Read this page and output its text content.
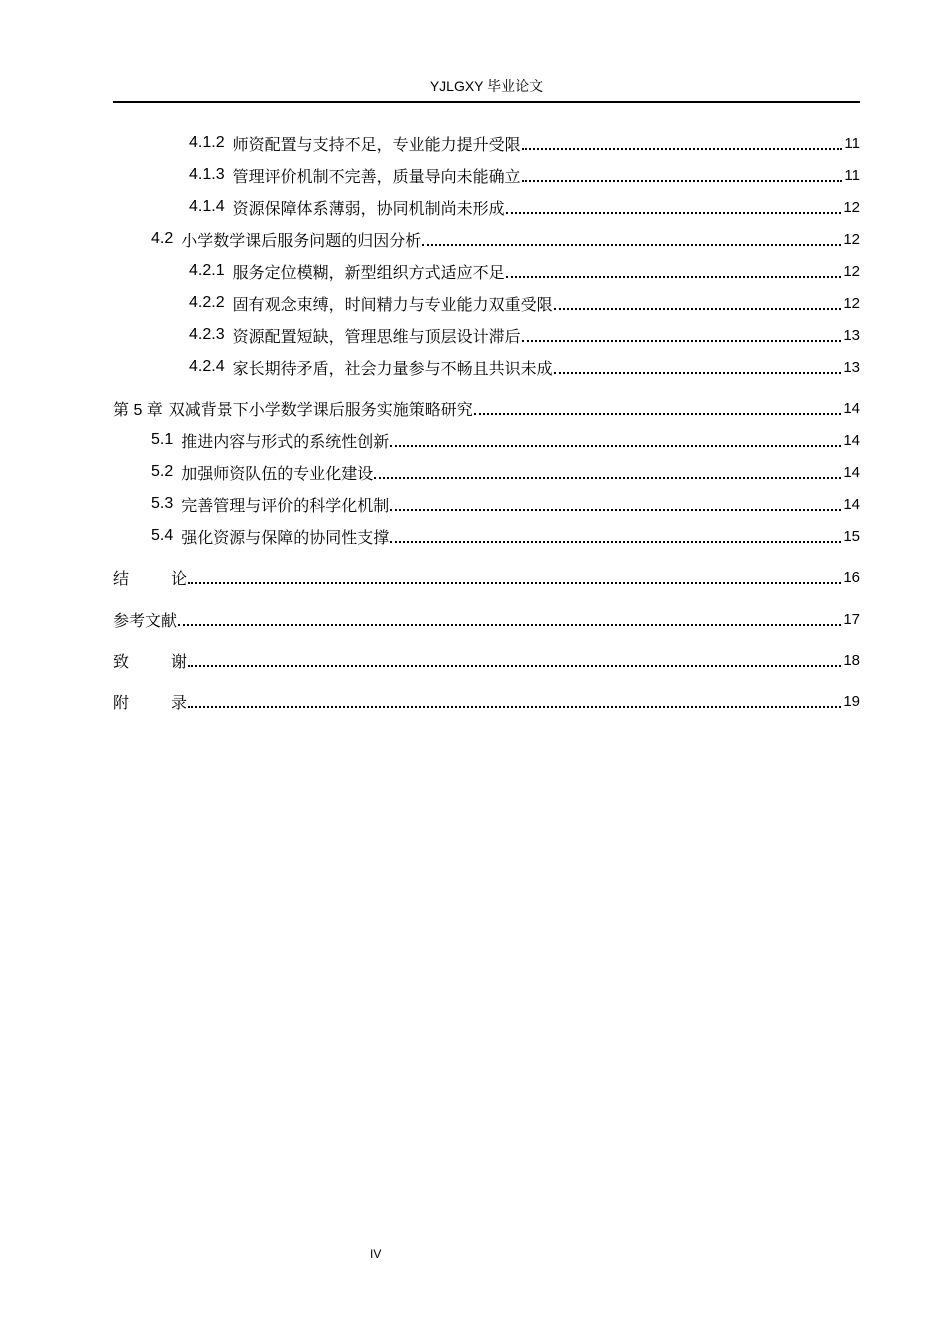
YJLGXY 毕业论文
4.1.2 师资配置与支持不足，专业能力提升受限	11
4.1.3 管理评价机制不完善，质量导向未能确立	11
4.1.4 资源保障体系薄弱，协同机制尚未形成	12
4.2 小学数学课后服务问题的归因分析	12
4.2.1 服务定位模糊，新型组织方式适应不足	12
4.2.2 固有观念束缚，时间精力与专业能力双重受限	12
4.2.3 资源配置短缺，管理思维与顶层设计滞后	13
4.2.4 家长期待矛盾，社会力量参与不畅且共识未成	13
第 5 章 双减背景下小学数学课后服务实施策略研究	14
5.1 推进内容与形式的系统性创新	14
5.2 加强师资队伍的专业化建设	14
5.3 完善管理与评价的科学化机制	14
5.4 强化资源与保障的协同性支撑	15
结	论	16
参考文献	17
致	谢	18
附	录	19
IV
